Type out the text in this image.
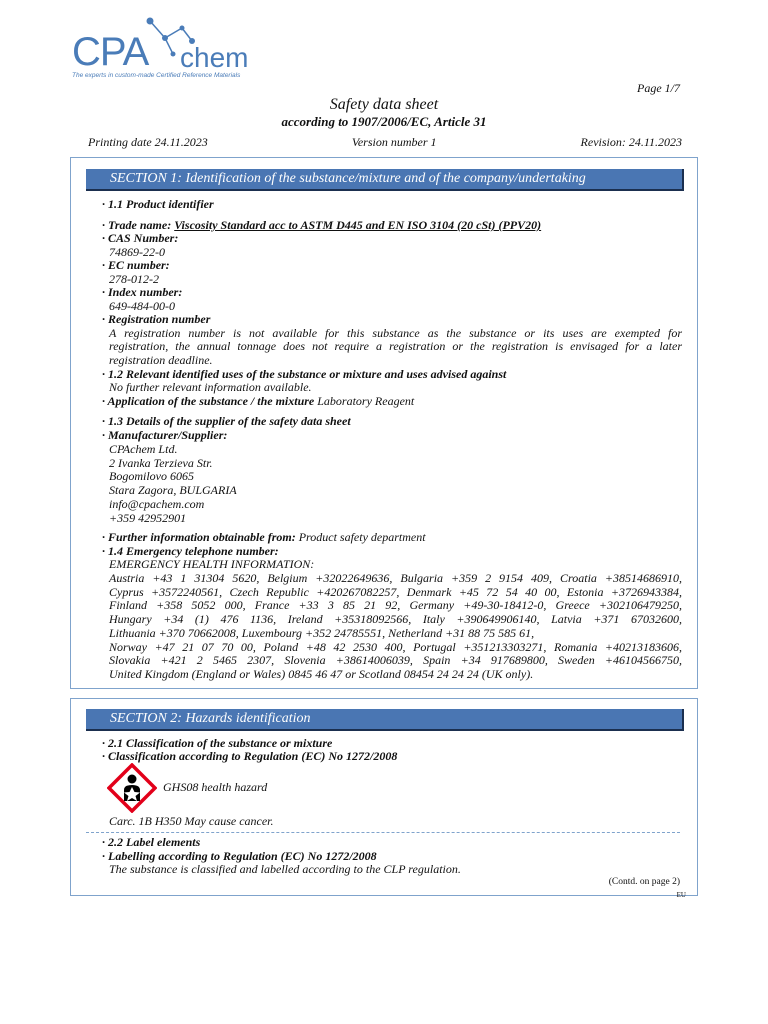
CPA chem
The experts in custom-made Certified Reference Materials
Page 1/7
Safety data sheet
according to 1907/2006/EC, Article 31
Printing date 24.11.2023	Version number 1	Revision: 24.11.2023
SECTION 1: Identification of the substance/mixture and of the company/undertaking
· 1.1 Product identifier
· Trade name: Viscosity Standard acc to ASTM D445 and EN ISO 3104 (20 cSt) (PPV20)
· CAS Number:
74869-22-0
· EC number:
278-012-2
· Index number:
649-484-00-0
· Registration number
A registration number is not available for this substance as the substance or its uses are exempted for
registration, the annual tonnage does not require a registration or the registration is envisaged for a later
registration deadline.
· 1.2 Relevant identified uses of the substance or mixture and uses advised against
No further relevant information available.
· Application of the substance / the mixture Laboratory Reagent
· 1.3 Details of the supplier of the safety data sheet
· Manufacturer/Supplier:
CPAchem Ltd.
2 Ivanka Terzieva Str.
Bogomilovo 6065
Stara Zagora, BULGARIA
info@cpachem.com
+359 42952901
· Further information obtainable from: Product safety department
· 1.4 Emergency telephone number:
EMERGENCY HEALTH INFORMATION:
Austria +43 1 31304 5620, Belgium +32022649636, Bulgaria +359 2 9154 409, Croatia +38514686910,
Cyprus +3572240561, Czech Republic +420267082257, Denmark +45 72 54 40 00, Estonia +3726943384,
Finland +358 5052 000, France +33 3 85 21 92, Germany +49-30-18412-0, Greece +302106479250,
Hungary +34 (1) 476 1136, Ireland +35318092566, Italy +390649906140, Latvia +371 67032600,
Lithuania +370 70662008, Luxembourg +352 24785551, Netherland +31 88 75 585 61,
Norway +47 21 07 70 00, Poland +48 42 2530 400, Portugal +351213303271, Romania +40213183606,
Slovakia +421 2 5465 2307, Slovenia +38614006039, Spain +34 917689800, Sweden +46104566750,
United Kingdom (England or Wales) 0845 46 47 or Scotland 08454 24 24 24 (UK only).
SECTION 2: Hazards identification
· 2.1 Classification of the substance or mixture
· Classification according to Regulation (EC) No 1272/2008
GHS08 health hazard
Carc. 1B H350 May cause cancer.
· 2.2 Label elements
· Labelling according to Regulation (EC) No 1272/2008
The substance is classified and labelled according to the CLP regulation.
(Contd. on page 2)
EU
